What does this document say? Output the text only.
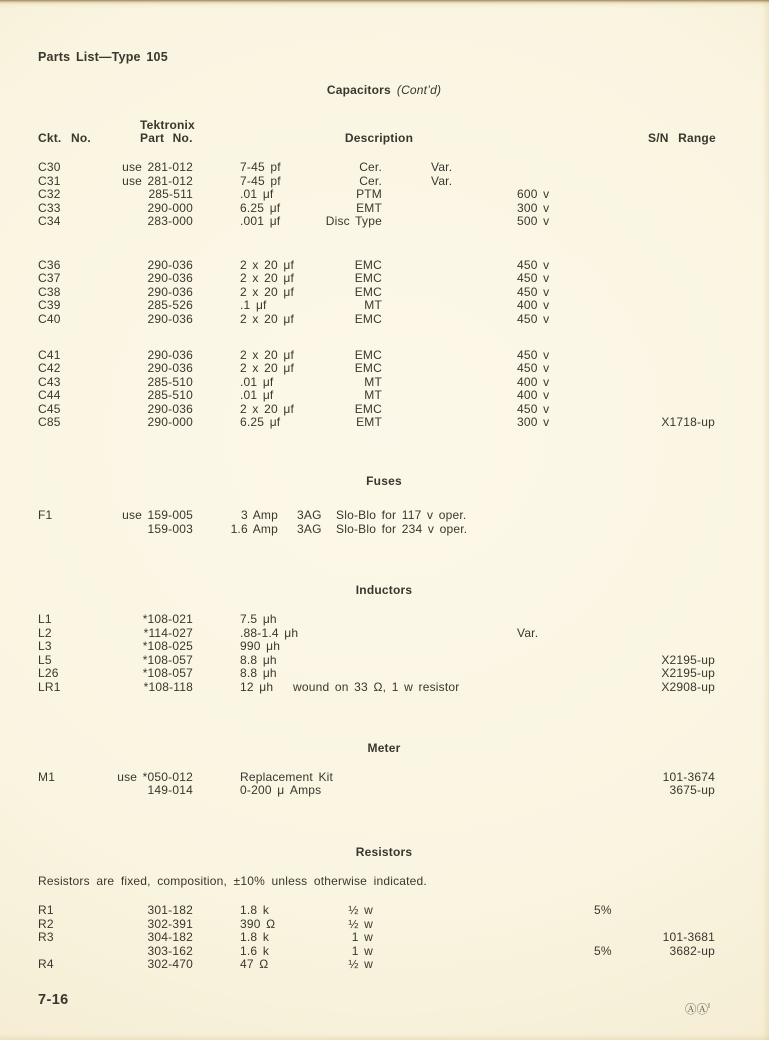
Parts List—Type 105
Tektronix
Ckt. No.	Part No.	Description	S/N Range
Capacitors (Cont’d)
C30	use 281-012	7-45 pf	Cer.	Var.
C31	use 281-012	7-45 pf	Cer.	Var.
C32	285-511	.01 μf	PTM	600 v
C33	290-000	6.25 μf	EMT	300 v
C34	283-000	.001 μf	Disc Type	500 v
C36	290-036	2 x 20 μf	EMC	450 v
C37	290-036	2 x 20 μf	EMC	450 v
C38	290-036	2 x 20 μf	EMC	450 v
C39	285-526	.1 μf	MT	400 v
C40	290-036	2 x 20 μf	EMC	450 v
C41	290-036	2 x 20 μf	EMC	450 v
C42	290-036	2 x 20 μf	EMC	450 v
C43	285-510	.01 μf	MT	400 v
C44	285-510	.01 μf	MT	400 v
C45	290-036	2 x 20 μf	EMC	450 v
C85	290-000	6.25 μf	EMT	300 v	X1718-up
Fuses
F1	use 159-005	3 Amp 3AG Slo-Blo for 117 v oper.
159-003	1.6 Amp 3AG Slo-Blo for 234 v oper.
Inductors
L1	*108-021	7.5 μh
L2	*114-027	.88-1.4 μh	Var.
L3	*108-025	990 μh
L5	*108-057	8.8 μh	X2195-up
L26	*108-057	8.8 μh	X2195-up
LR1	*108-118	12 μh wound on 33 Ω, 1 w resistor	X2908-up
Meter
M1	use *050-012	Replacement Kit	101-3674
149-014	0-200 μ Amps	3675-up
Resistors
Resistors are fixed, composition, ±10% unless otherwise indicated.
R1	301-182	1.8 k	½ w	5%
R2	302-391	390 Ω	½ w
R3	304-182	1.8 k	1 w	101-3681
303-162	1.6 k	1 w	5%	3682-up
R4	302-470	47 Ω	½ w
7-16
ⒶⒶ$^I$
